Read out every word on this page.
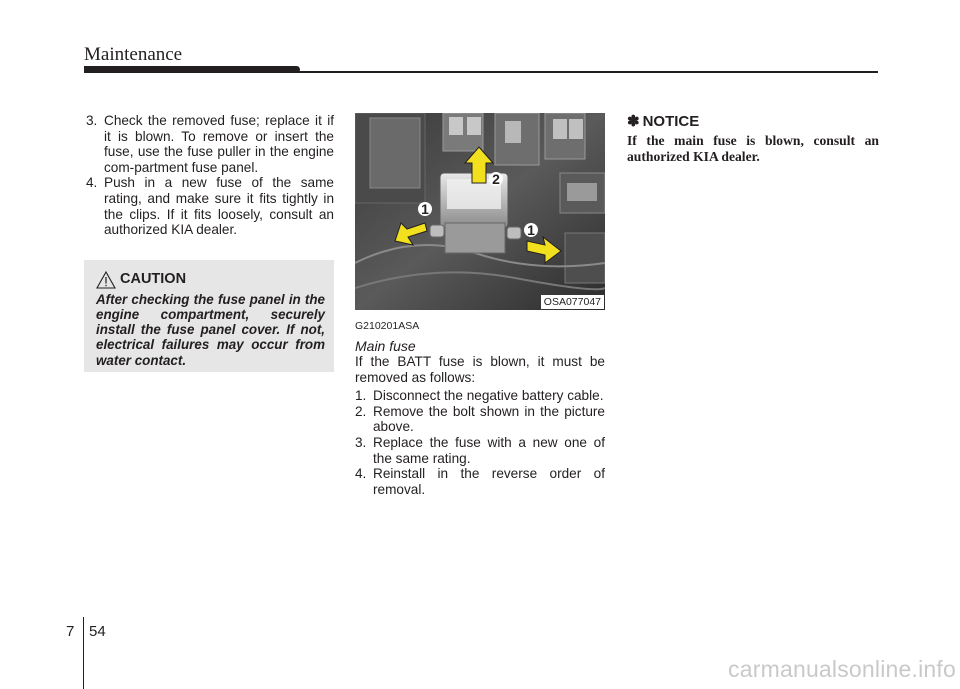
Maintenance
3. Check the removed fuse; replace it if it is blown. To remove or insert the fuse, use the fuse puller in the engine com-partment fuse panel.
4. Push in a new fuse of the same rating, and make sure it fits tightly in the clips. If it fits loosely, consult an authorized KIA dealer.
CAUTION
After checking the fuse panel in the engine compartment, securely install the fuse panel cover. If not, electrical failures may occur from water contact.
1
2
1
OSA077047
G210201ASA
Main fuse
If the BATT fuse is blown, it must be removed as follows:
1. Disconnect the negative battery cable.
2. Remove the bolt shown in the picture above.
3. Replace the fuse with a new one of the same rating.
4. Reinstall in the reverse order of removal.
✽ NOTICE
If the main fuse is blown, consult an authorized KIA dealer.
7 54
carmanualsonline.info
